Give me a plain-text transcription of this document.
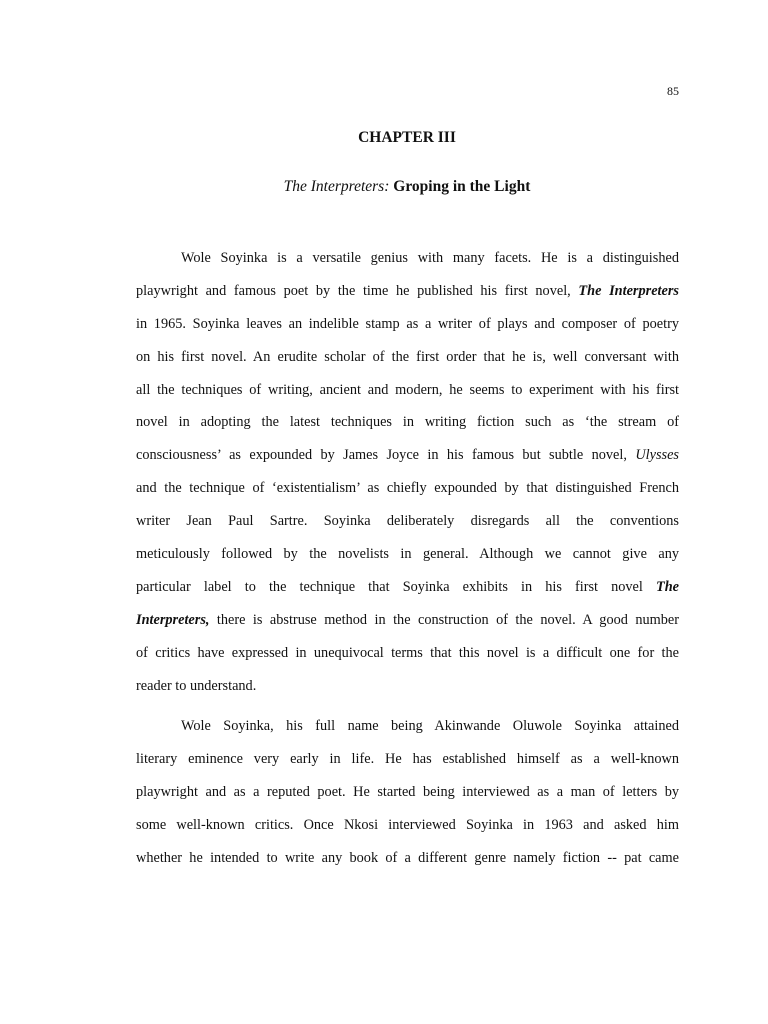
85
CHAPTER III
The Interpreters: Groping in the Light
Wole Soyinka is a versatile genius with many facets. He is a distinguished
playwright and famous poet by the time he published his first novel, The Interpreters
in 1965. Soyinka leaves an indelible stamp as a writer of plays and composer of poetry
on his first novel. An erudite scholar of the first order that he is, well conversant with
all the techniques of writing, ancient and modern, he seems to experiment with his first
novel in adopting the latest techniques in writing fiction such as ‘the stream of
consciousness’ as expounded by James Joyce in his famous but subtle novel, Ulysses
and the technique of ‘existentialism’ as chiefly expounded by that distinguished French
writer Jean Paul Sartre. Soyinka deliberately disregards all the conventions
meticulously followed by the novelists in general. Although we cannot give any
particular label to the technique that Soyinka exhibits in his first novel The
Interpreters, there is abstruse method in the construction of the novel. A good number
of critics have expressed in unequivocal terms that this novel is a difficult one for the
reader to understand.
Wole Soyinka, his full name being Akinwande Oluwole Soyinka attained
literary eminence very early in life. He has established himself as a well-known
playwright and as a reputed poet. He started being interviewed as a man of letters by
some well-known critics. Once Nkosi interviewed Soyinka in 1963 and asked him
whether he intended to write any book of a different genre namely fiction -- pat came
